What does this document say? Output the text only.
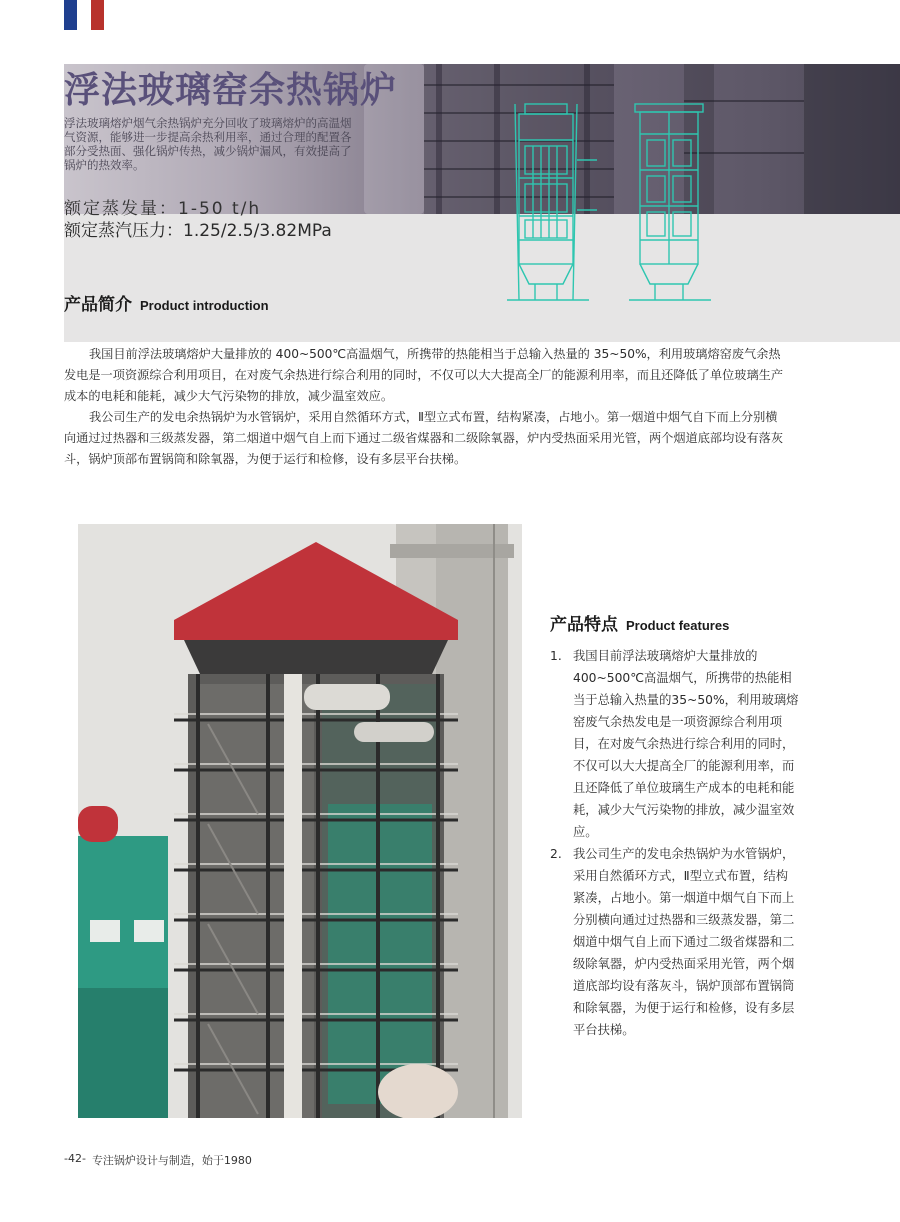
浮法玻璃窑余热锅炉

浮法玻璃熔炉烟气余热锅炉充分回收了玻璃熔炉的高温烟气资源，能够进一步提高余热利用率，通过合理的配置各部分受热面、强化锅炉传热，减少锅炉漏风，有效提高了锅炉的热效率。

额定蒸发量：1-50 t/h
额定蒸汽压力：1.25/2.5/3.82MPa
产品简介 Product introduction

我国目前浮法玻璃熔炉大量排放的 400~500℃高温烟气，所携带的热能相当于总输入热量的 35~50%，利用玻璃熔窑废气余热发电是一项资源综合利用项目，在对废气余热进行综合利用的同时，不仅可以大大提高全厂的能源利用率，而且还降低了单位玻璃生产成本的电耗和能耗，减少大气污染物的排放，减少温室效应。

我公司生产的发电余热锅炉为水管锅炉，采用自然循环方式，Ⅱ型立式布置，结构紧凑，占地小。第一烟道中烟气自下而上分别横向通过过热器和三级蒸发器，第二烟道中烟气自上而下通过二级省煤器和二级除氧器，炉内受热面采用光管，两个烟道底部均设有落灰斗，锅炉顶部布置锅筒和除氧器，为便于运行和检修，设有多层平台扶梯。

产品特点 Product features
1. 我国目前浮法玻璃熔炉大量排放的400~500℃高温烟气，所携带的热能相当于总输入热量的35~50%，利用玻璃熔窑废气余热发电是一项资源综合利用项目，在对废气余热进行综合利用的同时，不仅可以大大提高全厂的能源利用率，而且还降低了单位玻璃生产成本的电耗和能耗，减少大气污染物的排放，减少温室效应。
2. 我公司生产的发电余热锅炉为水管锅炉，采用自然循环方式，Ⅱ型立式布置，结构紧凑，占地小。第一烟道中烟气自下而上分别横向通过过热器和三级蒸发器，第二烟道中烟气自上而下通过二级省煤器和二级除氧器，炉内受热面采用光管，两个烟道底部均设有落灰斗，锅炉顶部布置锅筒和除氧器，为便于运行和检修，设有多层平台扶梯。
-42- 专注锅炉设计与制造，始于1980
